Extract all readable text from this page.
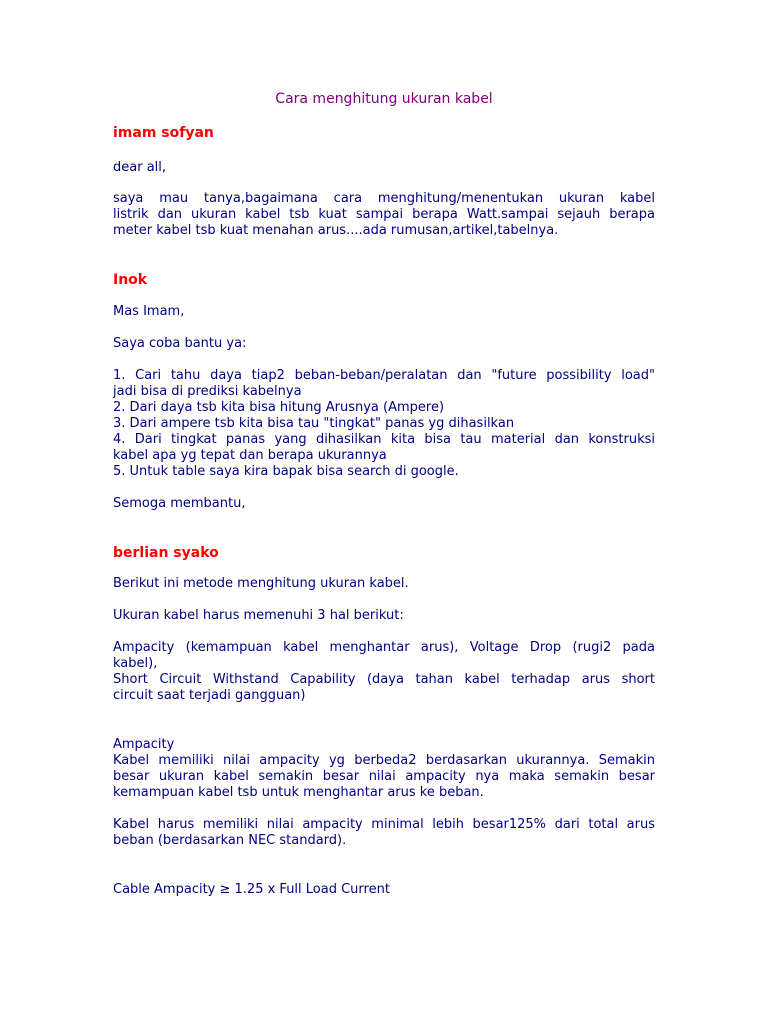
Cara menghitung ukuran kabel
imam sofyan

dear all,

saya mau tanya,bagaimana cara menghitung/menentukan ukuran kabel
listrik dan ukuran kabel tsb kuat sampai berapa Watt.sampai sejauh berapa
meter kabel tsb kuat menahan arus....ada rumusan,artikel,tabelnya.

Inok

Mas Imam,

Saya coba bantu ya:

1. Cari tahu daya tiap2 beban-beban/peralatan dan "future possibility load"
jadi bisa di prediksi kabelnya
2. Dari daya tsb kita bisa hitung Arusnya (Ampere)
3. Dari ampere tsb kita bisa tau "tingkat" panas yg dihasilkan
4. Dari tingkat panas yang dihasilkan kita bisa tau material dan konstruksi
kabel apa yg tepat dan berapa ukurannya
5. Untuk table saya kira bapak bisa search di google.

Semoga membantu,

berlian syako

Berikut ini metode menghitung ukuran kabel.

Ukuran kabel harus memenuhi 3 hal berikut:

Ampacity (kemampuan kabel menghantar arus), Voltage Drop (rugi2 pada
kabel),
Short Circuit Withstand Capability (daya tahan kabel terhadap arus short
circuit saat terjadi gangguan)

Ampacity
Kabel memiliki nilai ampacity yg berbeda2 berdasarkan ukurannya. Semakin
besar ukuran kabel semakin besar nilai ampacity nya maka semakin besar
kemampuan kabel tsb untuk menghantar arus ke beban.

Kabel harus memiliki nilai ampacity minimal lebih besar125% dari total arus
beban (berdasarkan NEC standard).

Cable Ampacity ≥ 1.25 x Full Load Current
